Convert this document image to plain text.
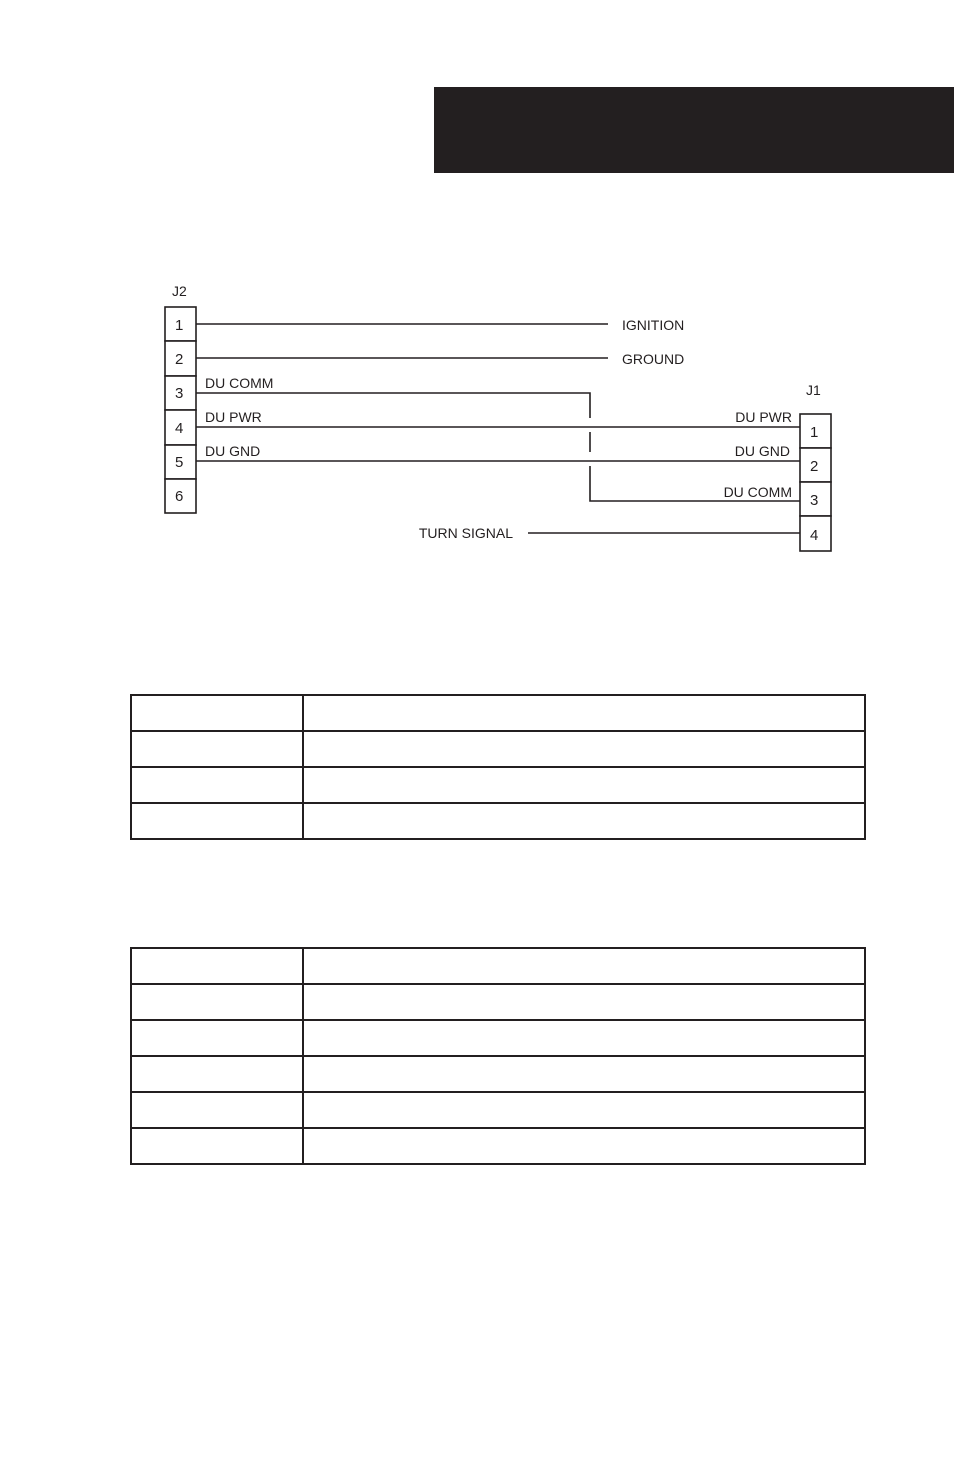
J2
1
2
3
4
5
6
J1
1
2
3
4
IGNITION
GROUND
DU COMM
DU PWR
DU GND
DU PWR
DU GND
DU COMM
TURN SIGNAL
